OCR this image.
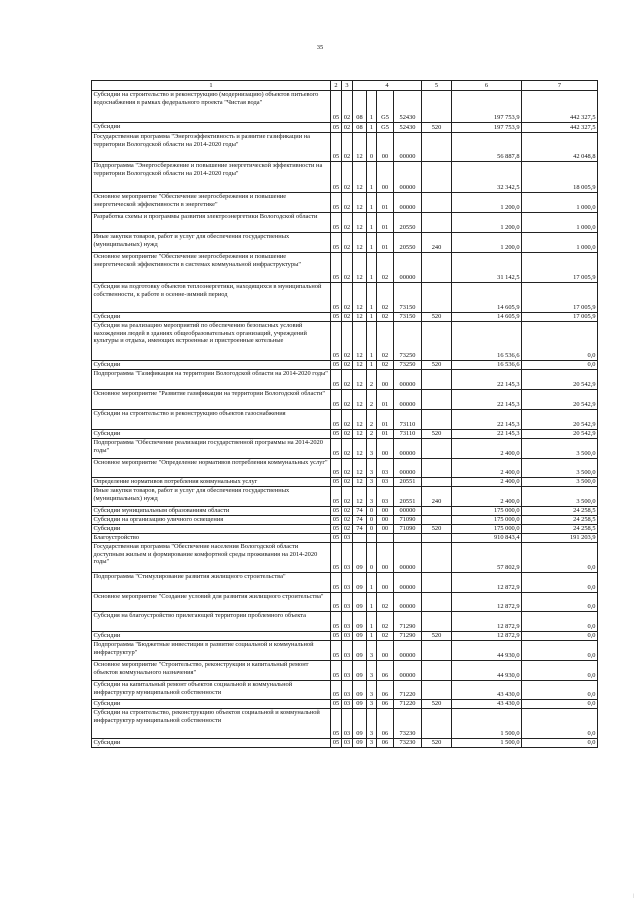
35
1	2	3	4				5	6	7
Субсидии на строительство и реконструкцию (модернизацию) объектов питьевого водоснабжения в рамках федерального проекта "Чистая вода"	05	02	08	1	G5	52430		197 753,9	442 327,5
Субсидии	05	02	08	1	G5	52430	520	197 753,9	442 327,5
Государственная программа "Энергоэффективность и развитие газификации на территории Вологодской области на 2014-2020 годы"	05	02	12	0	00	00000		56 887,8	42 048,8
Подпрограмма "Энергосбережение и повышение энергетической эффективности на территории Вологодской области на 2014-2020 годы"	05	02	12	1	00	00000		32 342,5	18 005,9
Основное мероприятие "Обеспечение энергосбережения и повышение энергетической эффективности в энергетике"	05	02	12	1	01	00000		1 200,0	1 000,0
Разработка схемы и программы развития электроэнергетики Вологодской области	05	02	12	1	01	20550		1 200,0	1 000,0
Иные закупки товаров, работ и услуг для обеспечения государственных (муниципальных) нужд	05	02	12	1	01	20550	240	1 200,0	1 000,0
Основное мероприятие "Обеспечение энергосбережения и повышение энергетической эффективности в системах коммунальной инфраструктуры"	05	02	12	1	02	00000		31 142,5	17 005,9
Субсидия на подготовку объектов теплоэнергетики, находящихся в муниципальной собственности, к работе в осенне-зимний период	05	02	12	1	02	73150		14 605,9	17 005,9
Субсидии	05	02	12	1	02	73150	520	14 605,9	17 005,9
Субсидия на реализацию мероприятий по обеспечению безопасных условий нахождения людей в зданиях общеобразовательных организаций, учреждений культуры и отдыха, имеющих встроенные и пристроенные котельные	05	02	12	1	02	73250		16 536,6	0,0
Субсидии	05	02	12	1	02	73250	520	16 536,6	0,0
Подпрограмма "Газификация на территории Вологодской области на 2014-2020 годы"	05	02	12	2	00	00000		22 145,3	20 542,9
Основное мероприятие "Развитие газификации на территории Вологодской области"	05	02	12	2	01	00000		22 145,3	20 542,9
Субсидии на строительство и реконструкцию объектов газоснабжения	05	02	12	2	01	73110		22 145,3	20 542,9
Субсидии	05	02	12	2	01	73110	520	22 145,3	20 542,9
Подпрограмма "Обеспечение реализации государственной программы на 2014-2020 годы"	05	02	12	3	00	00000		2 400,0	3 500,0
Основное мероприятие "Определение нормативов потребления коммунальных услуг"	05	02	12	3	03	00000		2 400,0	3 500,0
Определение нормативов потребления коммунальных услуг	05	02	12	3	03	20551		2 400,0	3 500,0
Иные закупки товаров, работ и услуг для обеспечения государственных (муниципальных) нужд	05	02	12	3	03	20551	240	2 400,0	3 500,0
Субсидии муниципальным образованиям области	05	02	74	0	00	00000		175 000,0	24 258,5
Субсидии на организацию уличного освещения	05	02	74	0	00	71090		175 000,0	24 258,5
Субсидии	05	02	74	0	00	71090	520	175 000,0	24 258,5
Благоустройство	05	03						910 843,4	191 203,9
Государственная программа "Обеспечение населения Вологодской области доступным жильем и формирование комфортной среды проживания на 2014-2020 годы"	05	03	09	0	00	00000		57 802,9	0,0
Подпрограмма "Стимулирование развития жилищного строительства"	05	03	09	1	00	00000		12 872,9	0,0
Основное мероприятие "Создание условий для развития жилищного строительства"	05	03	09	1	02	00000		12 872,9	0,0
Субсидия на благоустройство прилегающей территории проблемного объекта	05	03	09	1	02	71290		12 872,9	0,0
Субсидии	05	03	09	1	02	71290	520	12 872,9	0,0
Подпрограмма "Бюджетные инвестиции в развитие социальной и коммунальной инфраструктур"	05	03	09	3	00	00000		44 930,0	0,0
Основное мероприятие "Строительство, реконструкция и капитальный ремонт объектов коммунального назначения"	05	03	09	3	06	00000		44 930,0	0,0
Субсидии на капитальный ремонт объектов социальной и коммунальной инфраструктур муниципальной собственности	05	03	09	3	06	71220		43 430,0	0,0
Субсидии	05	03	09	3	06	71220	520	43 430,0	0,0
Субсидии на строительство, реконструкцию объектов социальной и коммунальной инфраструктур муниципальной собственности	05	03	09	3	06	73230		1 500,0	0,0
Субсидии	05	03	09	3	06	73230	520	1 500,0	0,0
|
